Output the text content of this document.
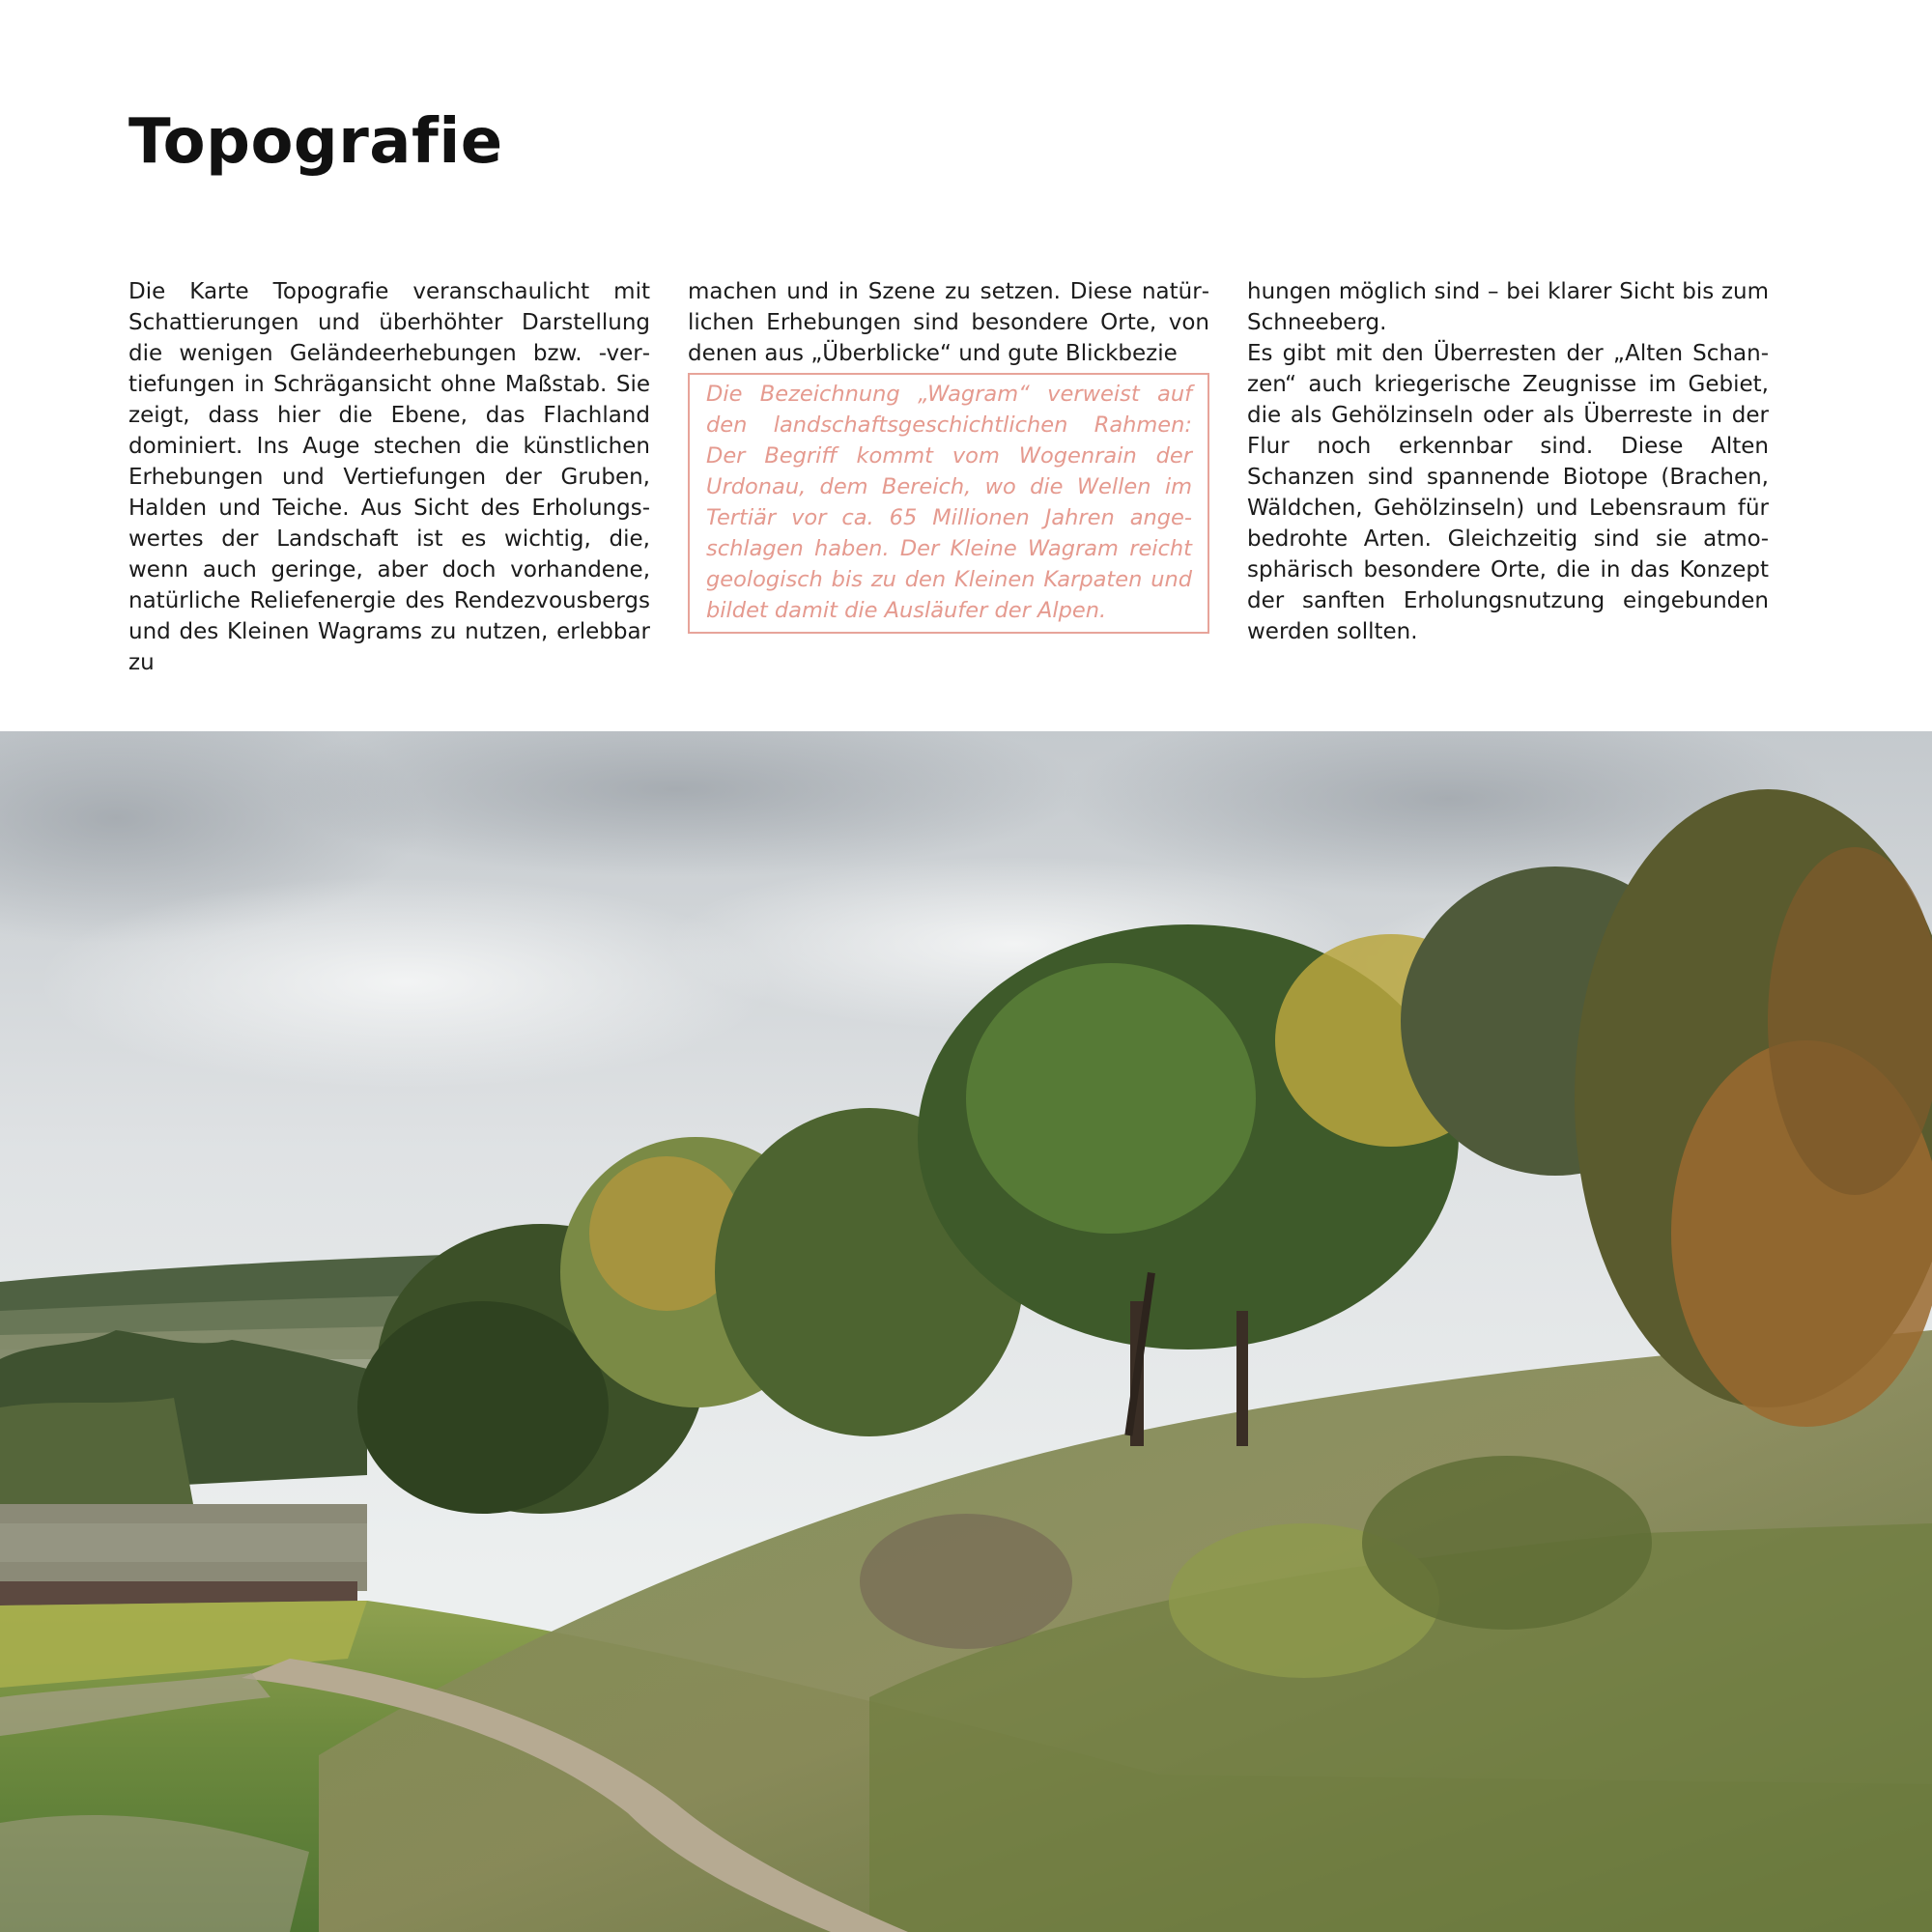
Topografie

Die Karte Topografie veranschaulicht mit Schattierungen und überhöhter Darstellung die wenigen Geländeerhebungen bzw. -vertiefungen in Schrägansicht ohne Maßstab. Sie zeigt, dass hier die Ebene, das Flachland dominiert. Ins Auge stechen die künstlichen Erhebungen und Vertiefungen der Gruben, Halden und Teiche. Aus Sicht des Erholungswertes der Landschaft ist es wichtig, die, wenn auch geringe, aber doch vorhandene, natürliche Reliefenergie des Rendezvousbergs und des Kleinen Wagrams zu nutzen, erlebbar zu

machen und in Szene zu setzen. Diese natürlichen Erhebungen sind besondere Orte, von denen aus „Überblicke“ und gute Blickbezie

Die Bezeichnung „Wagram“ verweist auf den landschaftsgeschichtlichen Rahmen: Der Begriff kommt vom Wogenrain der Urdonau, dem Bereich, wo die Wellen im Tertiär vor ca. 65 Millionen Jahren angeschlagen haben. Der Kleine Wagram reicht geologisch bis zu den Kleinen Karpaten und bildet damit die Ausläufer der Alpen.

hungen möglich sind – bei klarer Sicht bis zum Schneeberg.

Es gibt mit den Überresten der „Alten Schanzen“ auch kriegerische Zeugnisse im Gebiet, die als Gehölzinseln oder als Überreste in der Flur noch erkennbar sind. Diese Alten Schanzen sind spannende Biotope (Brachen, Wäldchen, Gehölzinseln) und Lebensraum für bedrohte Arten. Gleichzeitig sind sie atmosphärisch besondere Orte, die in das Konzept der sanften Erholungsnutzung eingebunden werden sollten.
